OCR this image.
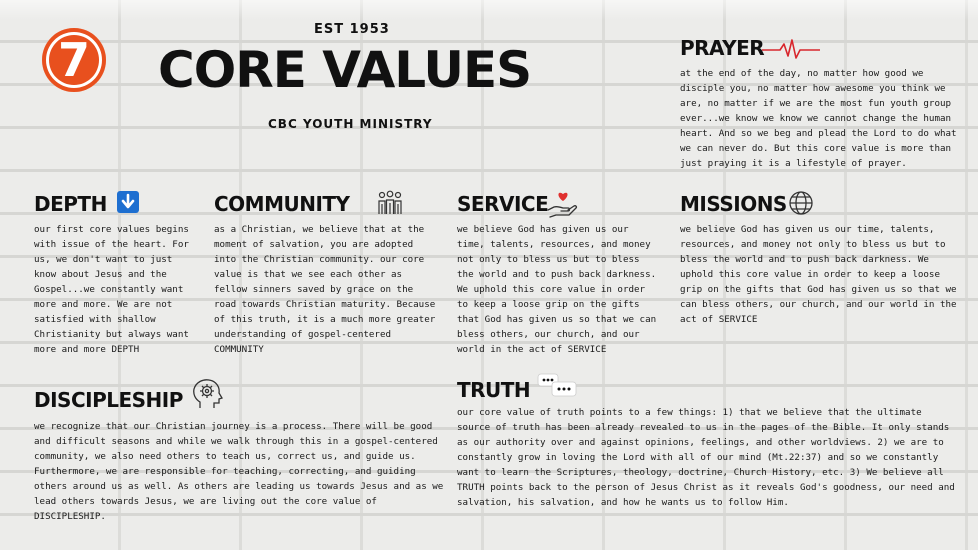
7
EST 1953
CORE VALUES
CBC YOUTH MINISTRY
PRAYER

at the end of the day, no matter how good we disciple you, no matter how awesome you think we are, no matter if we are the most fun youth group ever...we know we know we cannot change the human heart. And so we beg and plead the Lord to do what we can never do. But this core value is more than just praying it is a lifestyle of prayer.

DEPTH

our first core values begins with issue of the heart. For us, we don't want to just know about Jesus and the Gospel...we constantly want more and more. We are not satisfied with shallow Christianity but always want more and more DEPTH

COMMUNITY

as a Christian, we believe that at the moment of salvation, you are adopted into the Christian community. our core value is that we see each other as fellow sinners saved by grace on the road towards Christian maturity. Because of this truth, it is a much more greater understanding of gospel-centered COMMUNITY

SERVICE

we believe God has given us our time, talents, resources, and money not only to bless us but to bless the world and to push back darkness. We uphold this core value in order to keep a loose grip on the gifts that God has given us so that we can bless others, our church, and our world in the act of SERVICE

MISSIONS

we believe God has given us our time, talents, resources, and money not only to bless us but to bless the world and to push back darkness. We uphold this core value in order to keep a loose grip on the gifts that God has given us so that we can bless others, our church, and our world in the act of SERVICE

DISCIPLESHIP

we recognize that our Christian journey is a process. There will be good and difficult seasons and while we walk through this in a gospel-centered community, we also need others to teach us, correct us, and guide us. Furthermore, we are responsible for teaching, correcting, and guiding others around us as well. As others are leading us towards Jesus and as we lead others towards Jesus, we are living out the core value of DISCIPLESHIP.

TRUTH

our core value of truth points to a few things: 1) that we believe that the ultimate source of truth has been already revealed to us in the pages of the Bible. It only stands as our authority over and against opinions, feelings, and other worldviews. 2) we are to constantly grow in loving the Lord with all of our mind (Mt.22:37) and so we constantly want to learn the Scriptures, theology, doctrine, Church History, etc. 3) We believe all TRUTH points back to the person of Jesus Christ as it reveals God's goodness, our need and salvation, his salvation, and how he wants us to follow Him.
